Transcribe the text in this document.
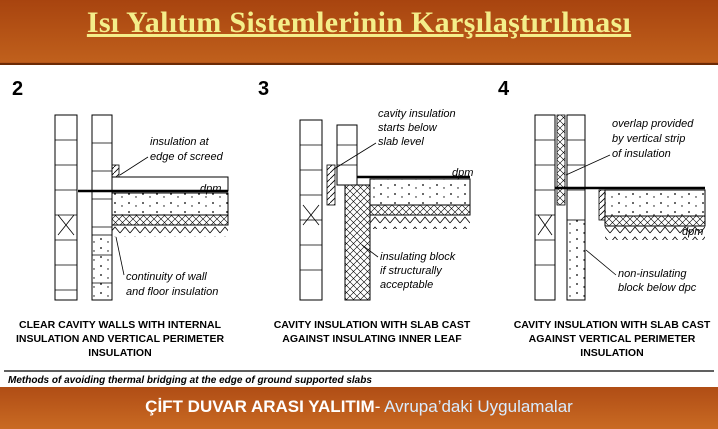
Isı Yalıtım Sistemlerinin Karşılaştırılması
2
insulation at
edge of screed
dpm
continuity of wall
and floor insulation
CLEAR CAVITY WALLS WITH INTERNAL
INSULATION AND VERTICAL PERIMETER
INSULATION
3
cavity insulation
starts below
slab level
dpm
insulating block
if structurally
acceptable
CAVITY INSULATION WITH SLAB CAST
AGAINST INSULATING INNER LEAF
4
overlap provided
by vertical strip
of insulation
dpm
non-insulating
block below dpc
CAVITY INSULATION WITH SLAB CAST
AGAINST VERTICAL PERIMETER
INSULATION
Methods of avoiding thermal bridging at the edge of ground supported slabs
ÇİFT DUVAR ARASI YALITIM- Avrupa’daki Uygulamalar
